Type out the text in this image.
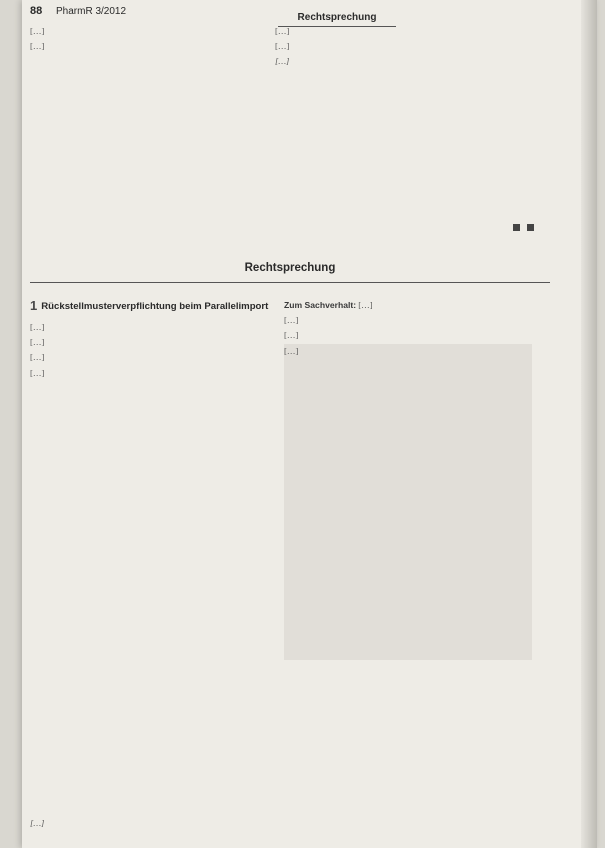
88 PharmR 3/2012
Rechtsprechung

[…]

[…]

[…]

[…]

[…]

Rechtsprechung
1 Rückstellmusterverpflichtung beim Parallelimport

[…]

[…]

[…]

[…]

[…]

Zum Sachverhalt: […]

[…]

[…]

[…]
